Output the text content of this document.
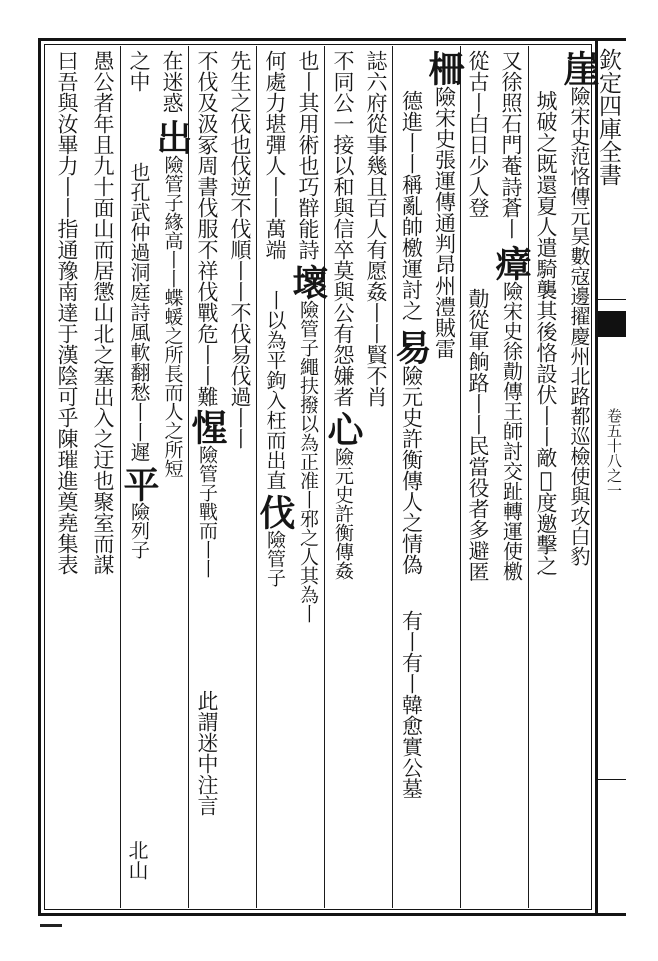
欽定四庫全書
卷五十八之一
崖
險宋史范恪傳元昊數寇邊擢慶州北路都巡檢使與攻白豹
城破之既還夏人遣騎襲其後恪設伏丨丨敵𢚩度邀擊之
又徐照石門菴詩蒼丨
瘴
險宋史徐勣傳王師討交趾轉運使檄
從古丨白日少人登
勣從軍餉路丨丨民當役者多避匿
柵
險宋史張運傳通判昂州澧賊雷
德進丨丨稱亂帥檄運討之
易
險元史許衡傳人之情偽
有丨有丨韓愈實公墓
誌六府從事幾且百人有愿姦丨丨賢不肖
不同公一接以和與信卒莫與公有怨嫌者
心
險元史許衡傳姦
也丨其用術也巧辥能詩
壞
險管子繩扶撥以為正准丨邪之人其為丨
何處力堪彈人丨丨萬端
丨以為平鉤入枉而出直
伐
險管子
先生之伐也伐逆不伐順丨丨不伐易伐過丨丨
不伐及汲冢周書伐服不祥伐戰危丨丨難
惺
險管子戰而丨丨
此謂迷中注言
在迷惑
出
險管子緣高丨丨蝶蝯之所長而人之所短
之中
也孔武仲過洞庭詩風軟翻愁丨丨遲
平
險列子
北山
愚公者年且九十面山而居懲山北之塞出入之迂也聚室而謀
曰吾與汝畢力丨丨指通豫南達于漢陰可乎陳璀進奠堯集表
